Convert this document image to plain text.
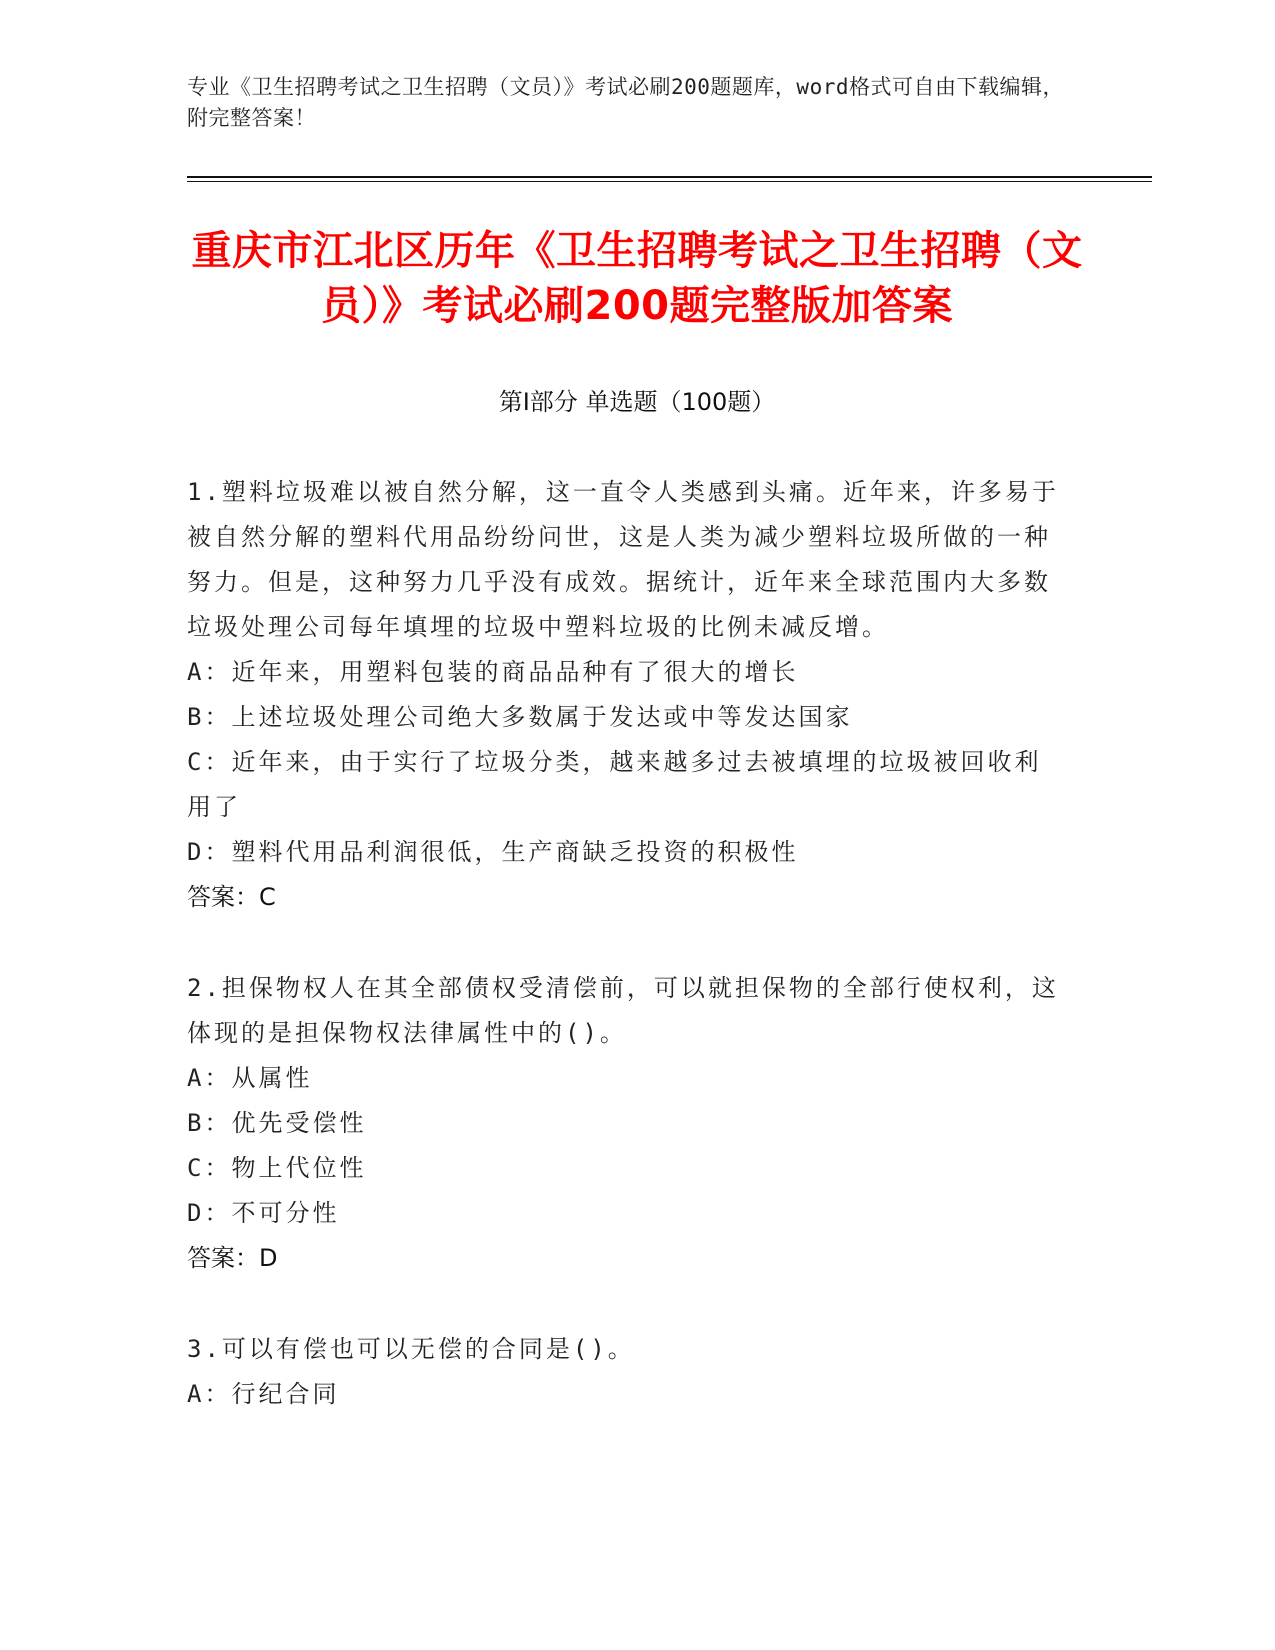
专业《卫生招聘考试之卫生招聘（文员）》考试必刷200题题库，word格式可自由下载编辑，附完整答案！
重庆市江北区历年《卫生招聘考试之卫生招聘（文员）》考试必刷200题完整版加答案
第Ⅰ部分 单选题（100题）

1.塑料垃圾难以被自然分解，这一直令人类感到头痛。近年来，许多易于被自然分解的塑料代用品纷纷问世，这是人类为减少塑料垃圾所做的一种努力。但是，这种努力几乎没有成效。据统计，近年来全球范围内大多数垃圾处理公司每年填埋的垃圾中塑料垃圾的比例未减反增。

A：近年来，用塑料包装的商品品种有了很大的增长

B：上述垃圾处理公司绝大多数属于发达或中等发达国家

C：近年来，由于实行了垃圾分类，越来越多过去被填埋的垃圾被回收利用了

D：塑料代用品利润很低，生产商缺乏投资的积极性

答案：C

2.担保物权人在其全部债权受清偿前，可以就担保物的全部行使权利，这体现的是担保物权法律属性中的()。

A：从属性

B：优先受偿性

C：物上代位性

D：不可分性

答案：D

3.可以有偿也可以无偿的合同是()。

A：行纪合同
